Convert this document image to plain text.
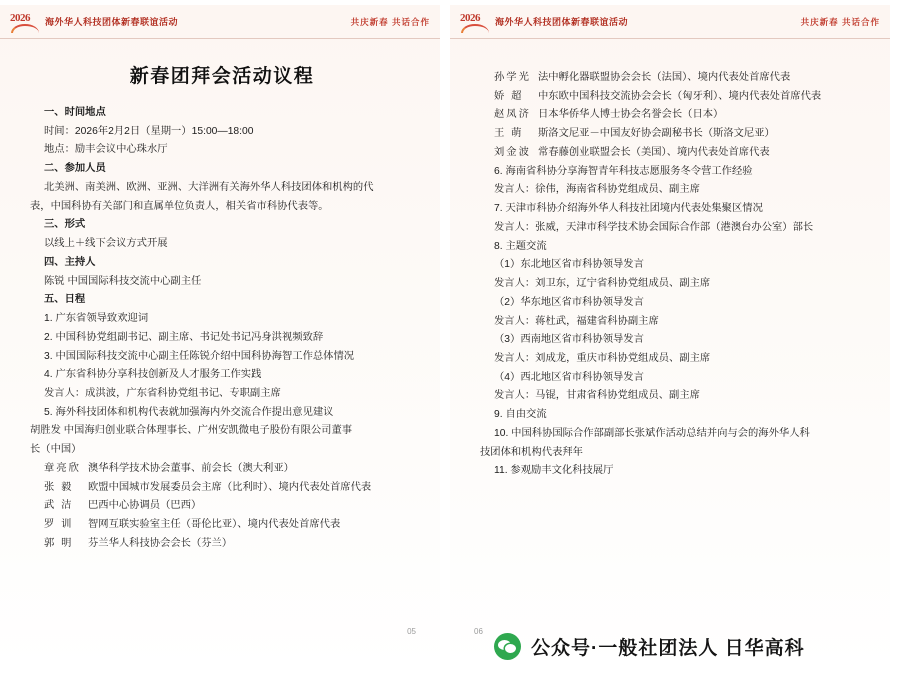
2026 海外华人科技团体新春联谊活动	共庆新春 共话合作
新春团拜会活动议程
一、时间地点
时间：2026年2月2日（星期一）15:00—18:00
地点：励丰会议中心珠水厅
二、参加人员
北美洲、南美洲、欧洲、亚洲、大洋洲有关海外华人科技团体和机构的代
表，中国科协有关部门和直属单位负责人，相关省市科协代表等。
三、形式
以线上＋线下会议方式开展
四、主持人
陈锐 中国国际科技交流中心副主任
五、日程
1. 广东省领导致欢迎词
2. 中国科协党组副书记、副主席、书记处书记冯身洪视频致辞
3. 中国国际科技交流中心副主任陈锐介绍中国科协海智工作总体情况
4. 广东省科协分享科技创新及人才服务工作实践
发言人：成洪波，广东省科协党组书记、专职副主席
5. 海外科技团体和机构代表就加强海内外交流合作提出意见建议
胡胜发 中国海归创业联合体理事长、广州安凯微电子股份有限公司董事
长（中国）
章亮欣 澳华科学技术协会董事、前会长（澳大利亚）
张 毅	欧盟中国城市发展委员会主席（比利时）、境内代表处首席代表
武 洁	巴西中心协调员（巴西）
罗 训	智网互联实验室主任（哥伦比亚）、境内代表处首席代表
郭 明	芬兰华人科技协会会长（芬兰）
05
2026 海外华人科技团体新春联谊活动	共庆新春 共话合作
孙学光 法中孵化器联盟协会会长（法国）、境内代表处首席代表
娇 超	中东欧中国科技交流协会会长（匈牙利）、境内代表处首席代表
赵凤济 日本华侨华人博士协会名誉会长（日本）
王 萌	斯洛文尼亚－中国友好协会副秘书长（斯洛文尼亚）
刘金波 常春藤创业联盟会长（美国）、境内代表处首席代表
6. 海南省科协分享海智青年科技志愿服务冬令营工作经验
发言人：徐伟，海南省科协党组成员、副主席
7. 天津市科协介绍海外华人科技社团境内代表处集聚区情况
发言人：张威，天津市科学技术协会国际合作部（港澳台办公室）部长
8. 主题交流
（1）东北地区省市科协领导发言
发言人：刘卫东，辽宁省科协党组成员、副主席
（2）华东地区省市科协领导发言
发言人：蒋杜武，福建省科协副主席
（3）西南地区省市科协领导发言
发言人：刘成龙，重庆市科协党组成员、副主席
（4）西北地区省市科协领导发言
发言人：马锟，甘肃省科协党组成员、副主席
9. 自由交流
10. 中国科协国际合作部副部长张斌作活动总结并向与会的海外华人科
技团体和机构代表拜年
11. 参观励丰文化科技展厅
06
公众号·一般社团法人 日华高科
